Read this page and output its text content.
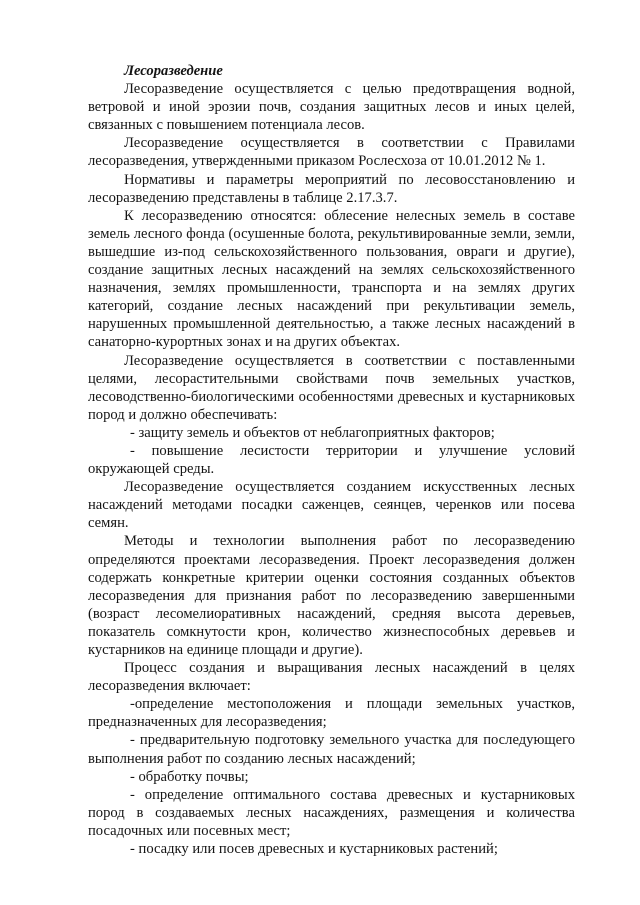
Лесоразведение

Лесоразведение осуществляется с целью предотвращения водной, ветровой и иной эрозии почв, создания защитных лесов и иных целей, связанных с повышением потенциала лесов.

Лесоразведение осуществляется в соответствии с Правилами лесоразведения, утвержденными приказом Рослесхоза от 10.01.2012 № 1.

Нормативы и параметры мероприятий по лесовосстановлению и лесоразведению представлены в таблице 2.17.3.7.

К лесоразведению относятся: облесение нелесных земель в составе земель лесного фонда (осушенные болота, рекультивированные земли, земли, вышедшие из-под сельскохозяйственного пользования, овраги и другие), создание защитных лесных насаждений на землях сельскохозяйственного назначения, землях промышленности, транспорта и на землях других категорий, создание лесных насаждений при рекультивации земель, нарушенных промышленной деятельностью, а также лесных насаждений в санаторно-курортных зонах и на других объектах.

Лесоразведение осуществляется в соответствии с поставленными целями, лесорастительными свойствами почв земельных участков, лесоводственно-биологическими особенностями древесных и кустарниковых пород и должно обеспечивать:

- защиту земель и объектов от неблагоприятных факторов;

- повышение лесистости территории и улучшение условий окружающей среды.

Лесоразведение осуществляется созданием искусственных лесных насаждений методами посадки саженцев, сеянцев, черенков или посева семян.

Методы и технологии выполнения работ по лесоразведению определяются проектами лесоразведения. Проект лесоразведения должен содержать конкретные критерии оценки состояния созданных объектов лесоразведения для признания работ по лесоразведению завершенными (возраст лесомелиоративных насаждений, средняя высота деревьев, показатель сомкнутости крон, количество жизнеспособных деревьев и кустарников на единице площади и другие).

Процесс создания и выращивания лесных насаждений в целях лесоразведения включает:

-определение местоположения и площади земельных участков, предназначенных для лесоразведения;

- предварительную подготовку земельного участка для последующего выполнения работ по созданию лесных насаждений;

- обработку почвы;

- определение оптимального состава древесных и кустарниковых пород в создаваемых лесных насаждениях, размещения и количества посадочных или посевных мест;

- посадку или посев древесных и кустарниковых растений;
